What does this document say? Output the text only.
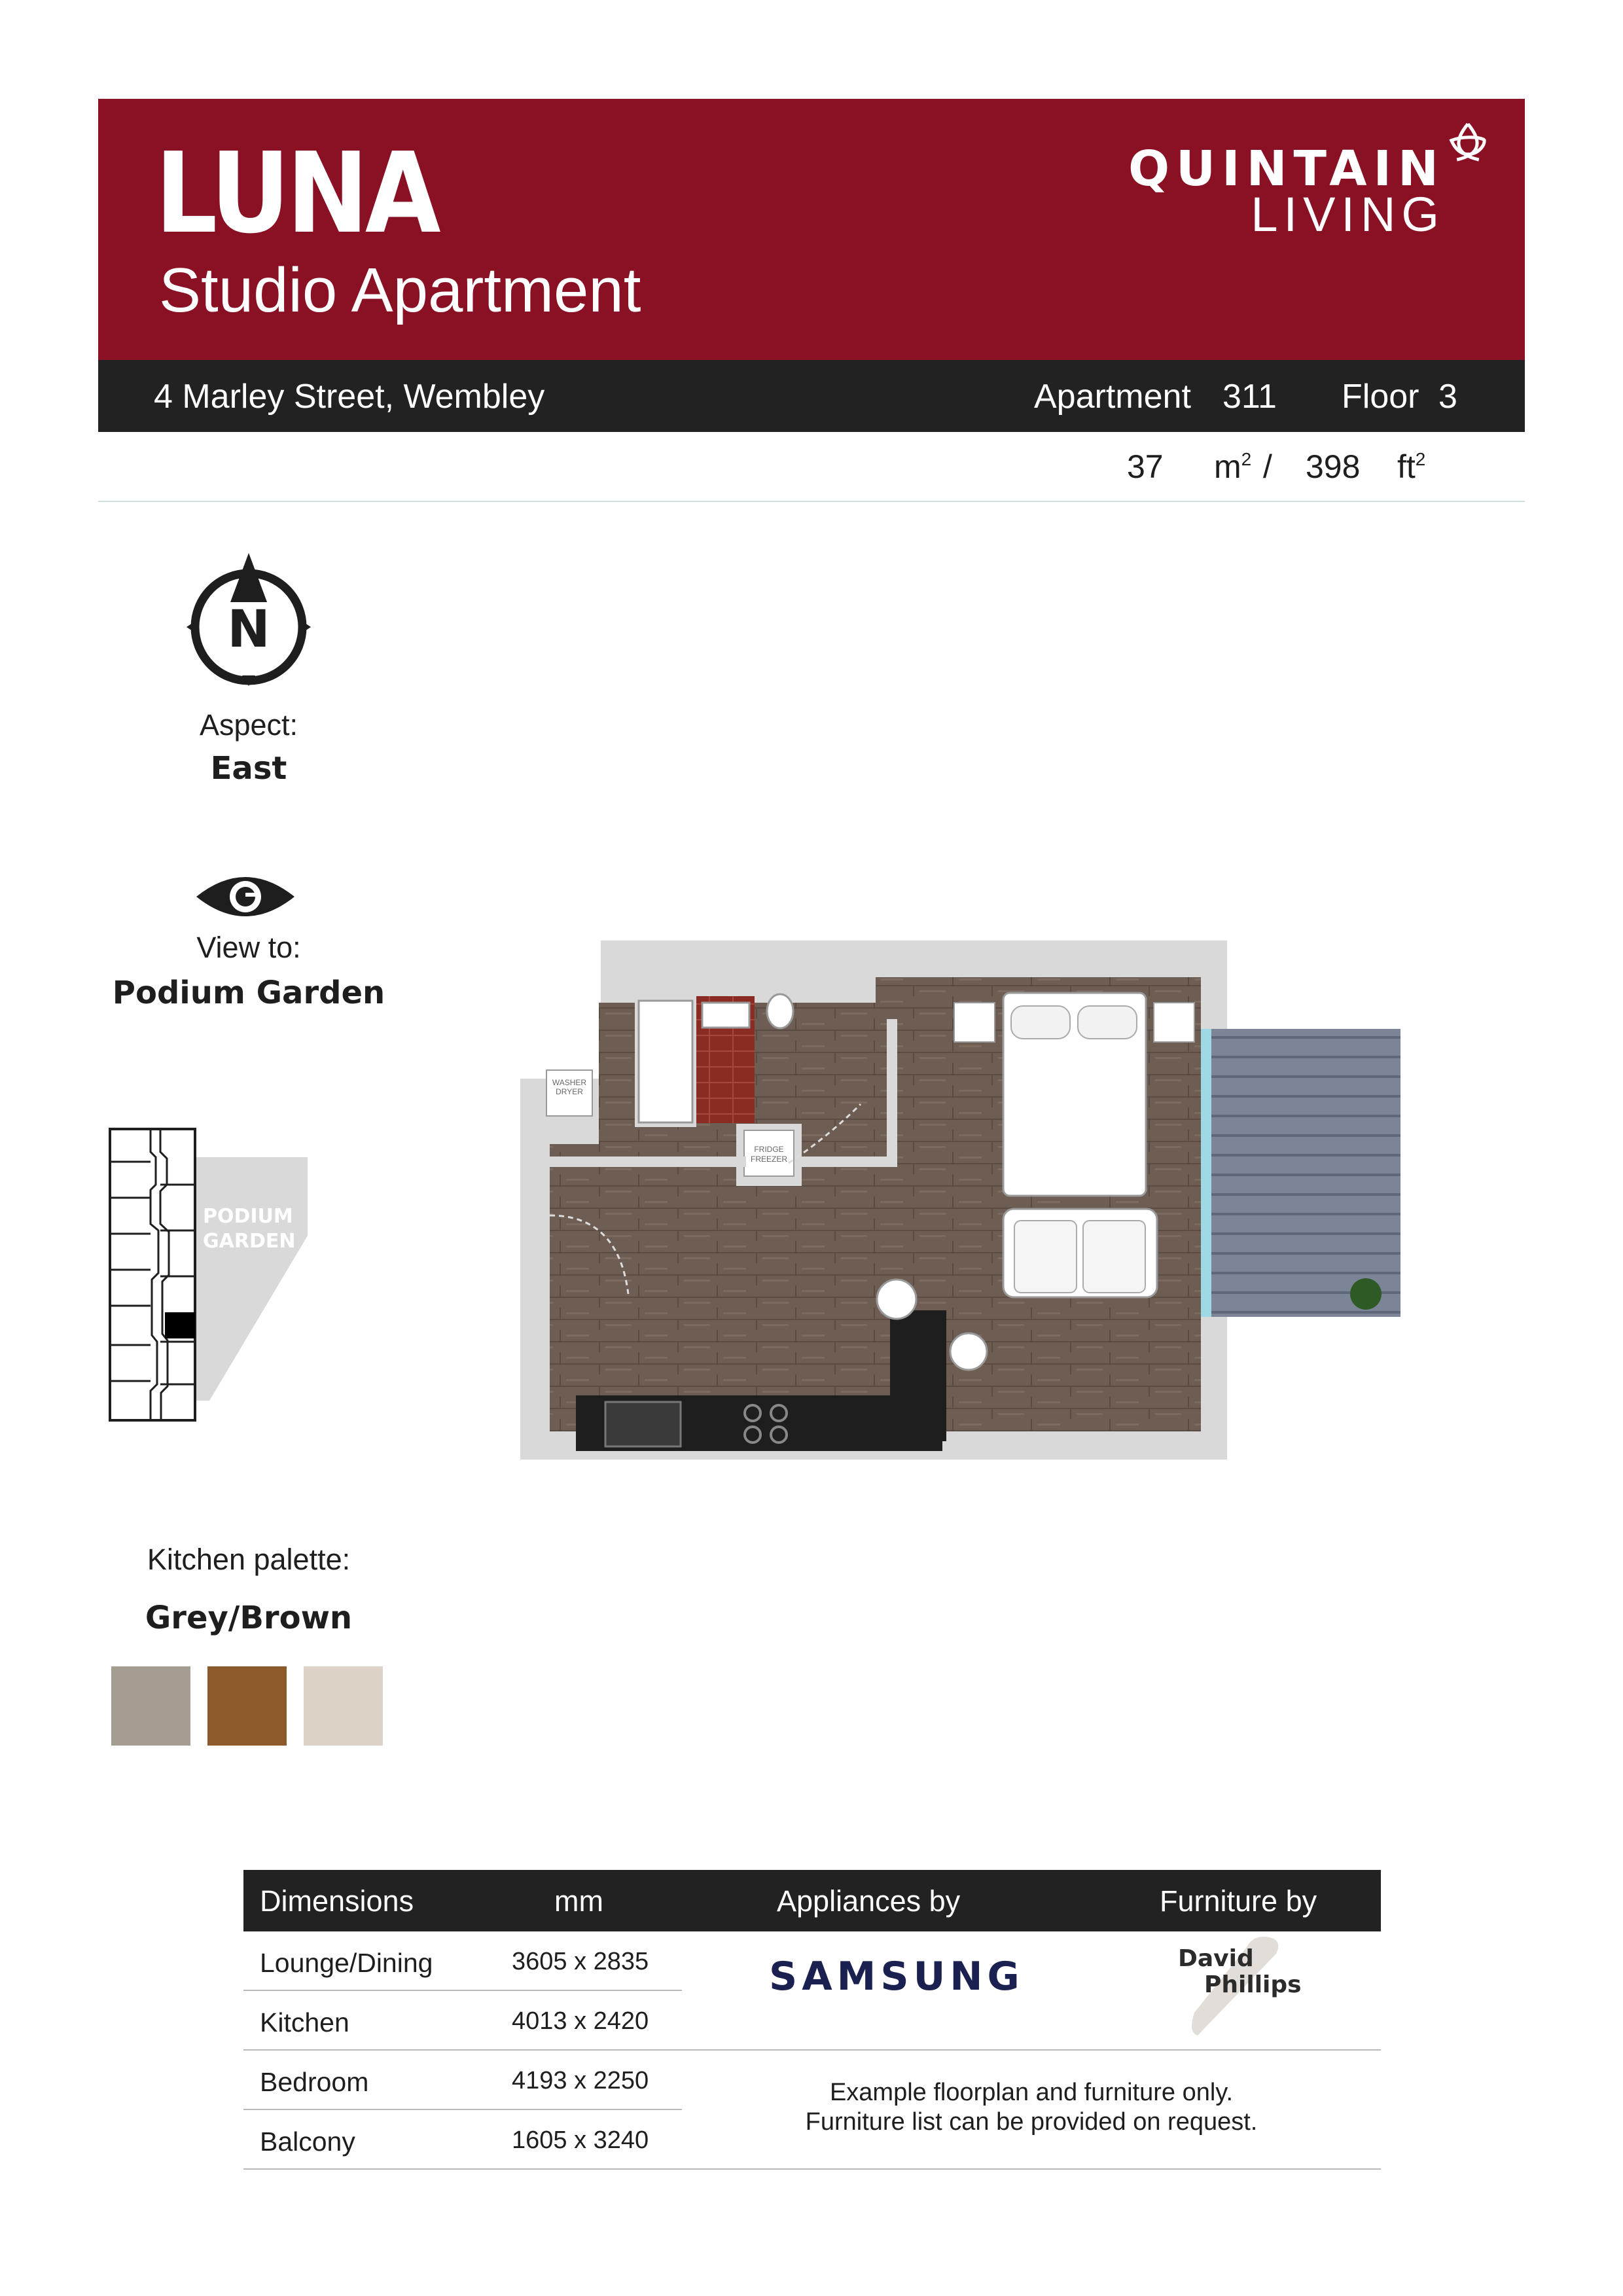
LUNA
Studio Apartment
QUINTAIN
LIVING
4 Marley Street, Wembley	Apartment 311 Floor 3
37 $m^2 / 398$ $ft^2$
N
Aspect:
East
View to:
Podium Garden
PODIUM
GARDEN
WASHER
DRYER
FRIDGE
FREEZER
Kitchen palette:
Grey/Brown
Dimensions	mm	Appliances by	Furniture by
Lounge/Dining	3605 x 2835
Kitchen	4013 x 2420
Bedroom	4193 x 2250
Balcony	1605 x 3240
SAMSUNG	David
Phillips
Example floorplan and furniture only.
Furniture list can be provided on request.
